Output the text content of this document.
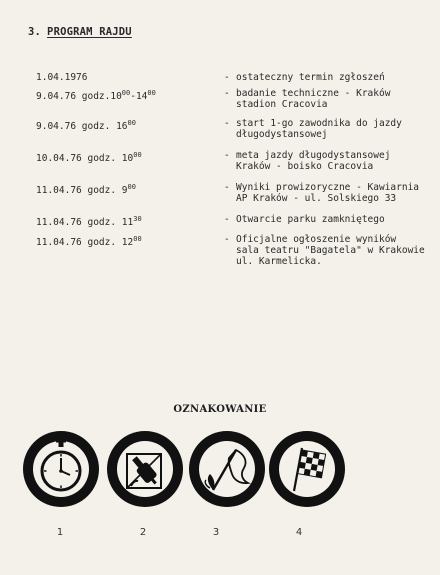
3. PROGRAM RAJDU
1.04.1976	- ostateczny termin zgłoszeń
9.04.76 $godz.10^{00}-14^{00}$	- badanie techniczne - Kraków
stadion Cracovia
9.04.76 godz. $16^{00}$	- start 1-go zawodnika do jazdy
długodystansowej
10.04.76 godz. $10^{00}$	- meta jazdy długodystansowej
Kraków - boisko Cracovia
11.04.76 godz. $9^{00}$	- Wyniki prowizoryczne - Kawiarnia
AP Kraków - ul. Solskiego 33
11.04.76 godz. $11^{30}$	- Otwarcie parku zamkniętego
11.04.76 godz. $12^{00}$	- Oficjalne ogłoszenie wyników
sala teatru "Bagatela" w Krakowie
ul. Karmelicka.
OZNAKOWANIE
1	2	3	4
